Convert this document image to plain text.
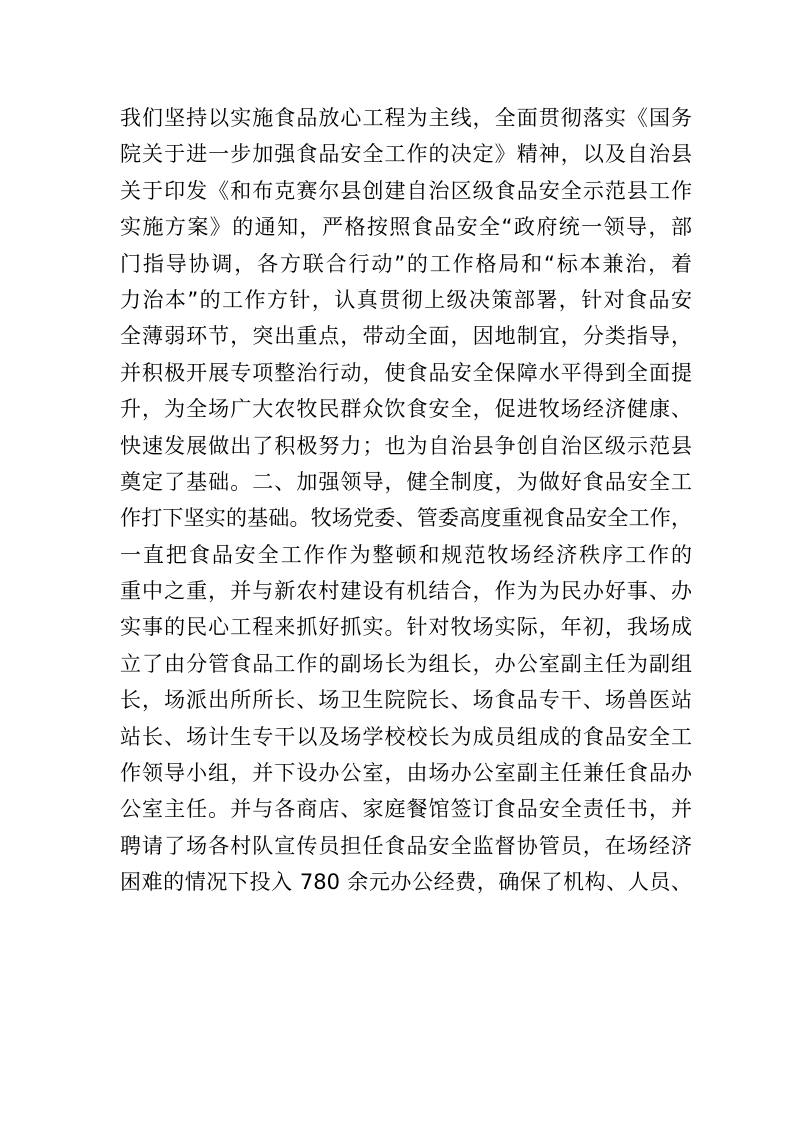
我们坚持以实施食品放心工程为主线，全面贯彻落实《国务
院关于进一步加强食品安全工作的决定》精神，以及自治县
关于印发《和布克赛尔县创建自治区级食品安全示范县工作
实施方案》的通知，严格按照食品安全“政府统一领导，部
门指导协调，各方联合行动”的工作格局和“标本兼治，着
力治本”的工作方针，认真贯彻上级决策部署，针对食品安
全薄弱环节，突出重点，带动全面，因地制宜，分类指导，
并积极开展专项整治行动，使食品安全保障水平得到全面提
升，为全场广大农牧民群众饮食安全，促进牧场经济健康、
快速发展做出了积极努力；也为自治县争创自治区级示范县
奠定了基础。二、加强领导，健全制度，为做好食品安全工
作打下坚实的基础。牧场党委、管委高度重视食品安全工作，
一直把食品安全工作作为整顿和规范牧场经济秩序工作的
重中之重，并与新农村建设有机结合，作为为民办好事、办
实事的民心工程来抓好抓实。针对牧场实际，年初，我场成
立了由分管食品工作的副场长为组长，办公室副主任为副组
长，场派出所所长、场卫生院院长、场食品专干、场兽医站
站长、场计生专干以及场学校校长为成员组成的食品安全工
作领导小组，并下设办公室，由场办公室副主任兼任食品办
公室主任。并与各商店、家庭餐馆签订食品安全责任书，并
聘请了场各村队宣传员担任食品安全监督协管员，在场经济
困难的情况下投入 780 余元办公经费，确保了机构、人员、
